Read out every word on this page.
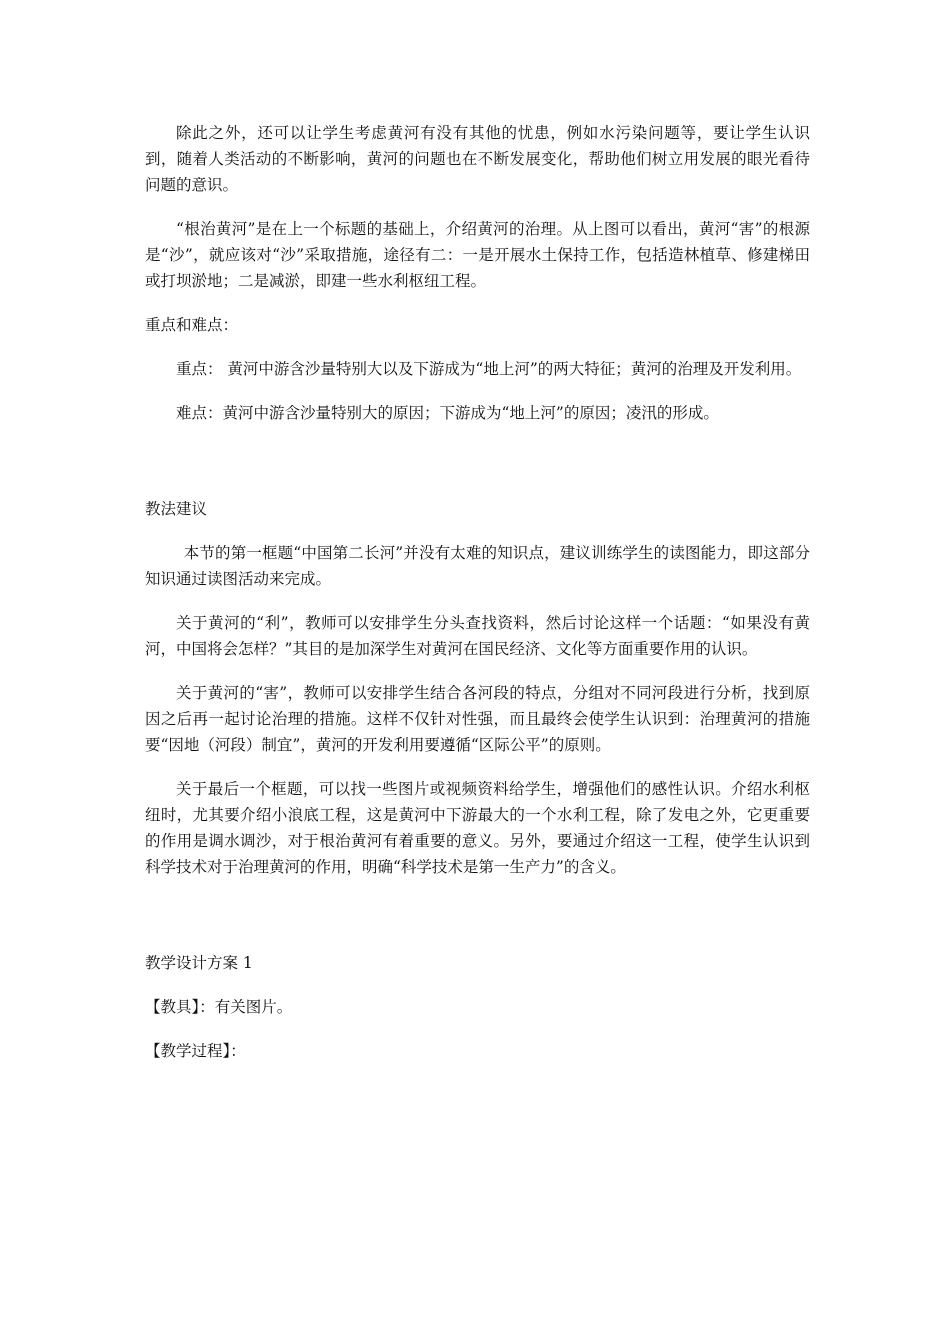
除此之外，还可以让学生考虑黄河有没有其他的忧患，例如水污染问题等，要让学生认识到，随着人类活动的不断影响，黄河的问题也在不断发展变化，帮助他们树立用发展的眼光看待问题的意识。

“根治黄河”是在上一个标题的基础上，介绍黄河的治理。从上图可以看出，黄河“害”的根源是“沙”，就应该对“沙”采取措施，途径有二：一是开展水土保持工作，包括造林植草、修建梯田或打坝淤地；二是减淤，即建一些水利枢纽工程。

重点和难点：

重点： 黄河中游含沙量特别大以及下游成为“地上河”的两大特征；黄河的治理及开发利用。

难点：黄河中游含沙量特别大的原因；下游成为“地上河”的原因；凌汛的形成。

教法建议

本节的第一框题“中国第二长河”并没有太难的知识点，建议训练学生的读图能力，即这部分知识通过读图活动来完成。

关于黄河的“利”，教师可以安排学生分头查找资料，然后讨论这样一个话题：“如果没有黄河，中国将会怎样？”其目的是加深学生对黄河在国民经济、文化等方面重要作用的认识。

关于黄河的“害”，教师可以安排学生结合各河段的特点，分组对不同河段进行分析，找到原因之后再一起讨论治理的措施。这样不仅针对性强，而且最终会使学生认识到：治理黄河的措施要“因地（河段）制宜”，黄河的开发利用要遵循“区际公平”的原则。

关于最后一个框题，可以找一些图片或视频资料给学生，增强他们的感性认识。介绍水利枢纽时，尤其要介绍小浪底工程，这是黄河中下游最大的一个水利工程，除了发电之外，它更重要的作用是调水调沙，对于根治黄河有着重要的意义。另外，要通过介绍这一工程，使学生认识到科学技术对于治理黄河的作用，明确“科学技术是第一生产力”的含义。

教学设计方案 1

【教具】：有关图片。

【教学过程】：
